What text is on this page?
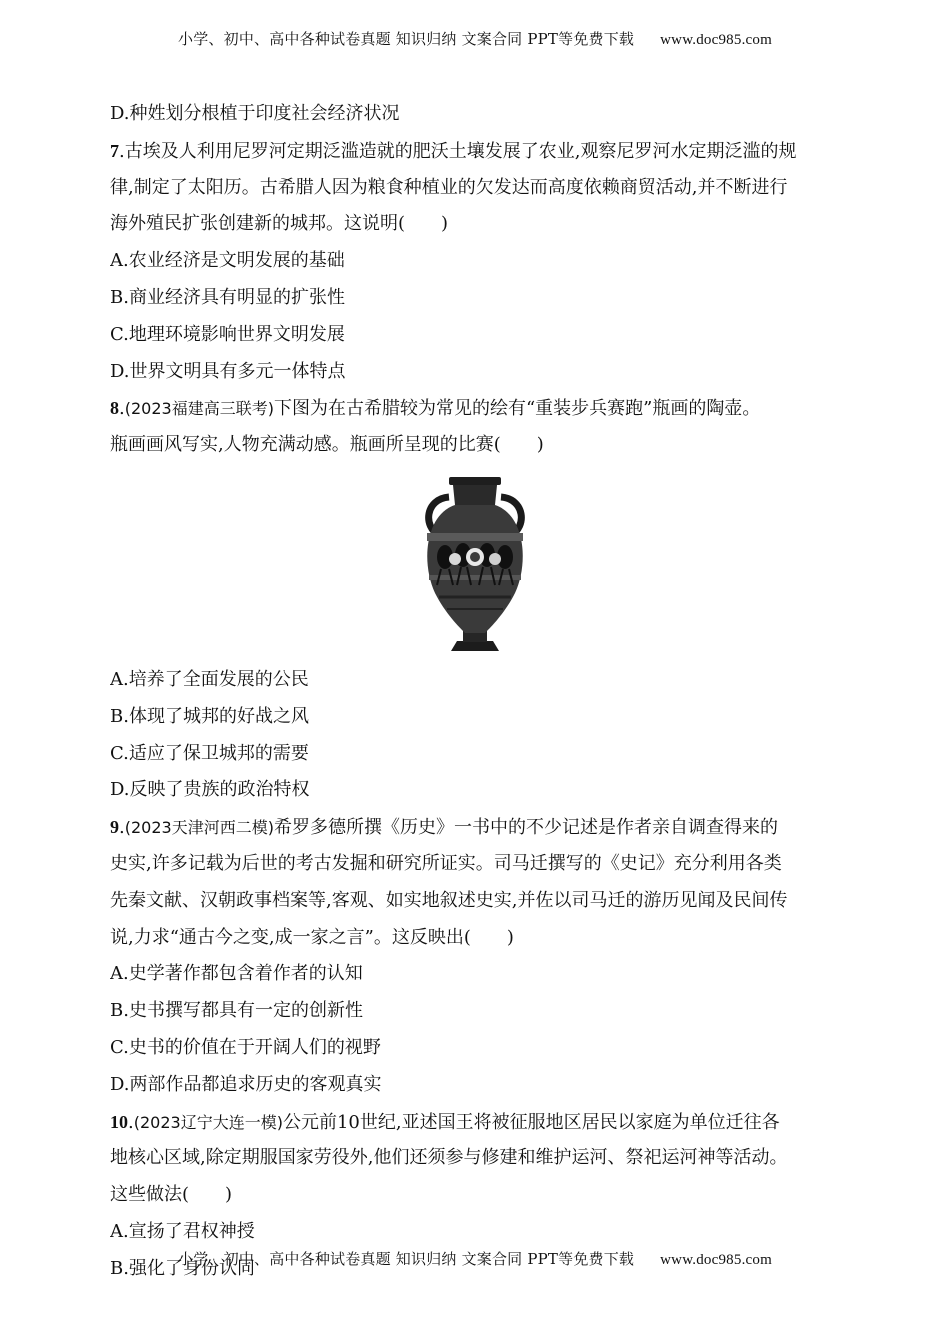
小学、初中、高中各种试卷真题 知识归纳 文案合同 PPT等免费下载 www.doc985.com
D.种姓划分根植于印度社会经济状况
7.古埃及人利用尼罗河定期泛滥造就的肥沃土壤发展了农业,观察尼罗河水定期泛滥的规
律,制定了太阳历。古希腊人因为粮食种植业的欠发达而高度依赖商贸活动,并不断进行
海外殖民扩张创建新的城邦。这说明(　　)
A.农业经济是文明发展的基础
B.商业经济具有明显的扩张性
C.地理环境影响世界文明发展
D.世界文明具有多元一体特点
8.(2023福建高三联考)下图为在古希腊较为常见的绘有“重装步兵赛跑”瓶画的陶壶。
瓶画画风写实,人物充满动感。瓶画所呈现的比赛(　　)
A.培养了全面发展的公民
B.体现了城邦的好战之风
C.适应了保卫城邦的需要
D.反映了贵族的政治特权
9.(2023天津河西二模)希罗多德所撰《历史》一书中的不少记述是作者亲自调查得来的
史实,许多记载为后世的考古发掘和研究所证实。司马迁撰写的《史记》充分利用各类
先秦文献、汉朝政事档案等,客观、如实地叙述史实,并佐以司马迁的游历见闻及民间传
说,力求“通古今之变,成一家之言”。这反映出(　　)
A.史学著作都包含着作者的认知
B.史书撰写都具有一定的创新性
C.史书的价值在于开阔人们的视野
D.两部作品都追求历史的客观真实
10.(2023辽宁大连一模)公元前10世纪,亚述国王将被征服地区居民以家庭为单位迁往各
地核心区域,除定期服国家劳役外,他们还须参与修建和维护运河、祭祀运河神等活动。
这些做法(　　)
A.宣扬了君权神授
B.强化了身份认同
小学、初中、高中各种试卷真题 知识归纳 文案合同 PPT等免费下载 www.doc985.com
